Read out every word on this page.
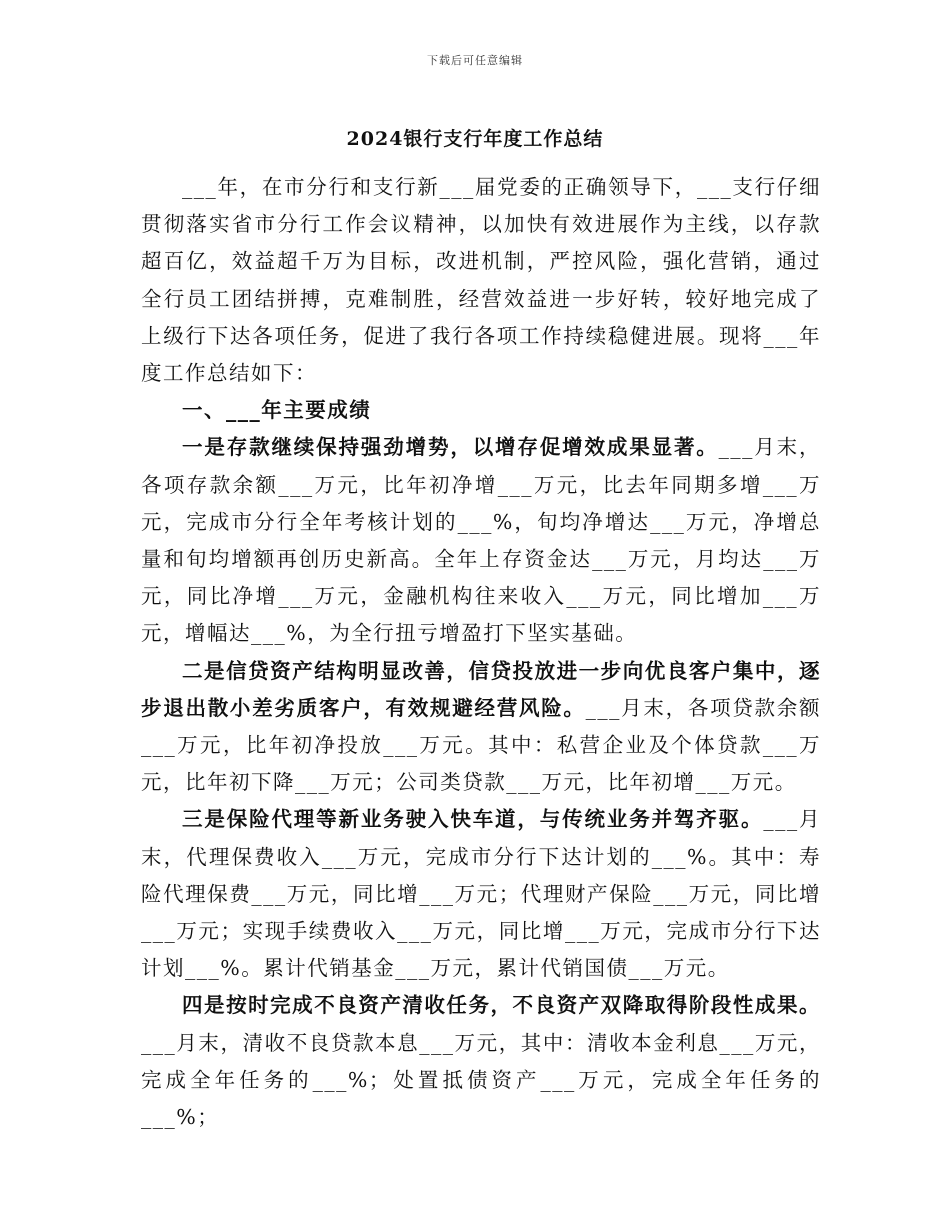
下载后可任意编辑
2024银行支行年度工作总结

___年，在市分行和支行新___届党委的正确领导下，___支行仔细贯彻落实省市分行工作会议精神，以加快有效进展作为主线，以存款超百亿，效益超千万为目标，改进机制，严控风险，强化营销，通过全行员工团结拼搏，克难制胜，经营效益进一步好转，较好地完成了上级行下达各项任务，促进了我行各项工作持续稳健进展。现将___年度工作总结如下：

一、___年主要成绩

一是存款继续保持强劲增势，以增存促增效成果显著。___月末，各项存款余额___万元，比年初净增___万元，比去年同期多增___万元，完成市分行全年考核计划的___%，旬均净增达___万元，净增总量和旬均增额再创历史新高。全年上存资金达___万元，月均达___万元，同比净增___万元，金融机构往来收入___万元，同比增加___万元，增幅达___%，为全行扭亏增盈打下坚实基础。

二是信贷资产结构明显改善，信贷投放进一步向优良客户集中，逐步退出散小差劣质客户，有效规避经营风险。___月末，各项贷款余额___万元，比年初净投放___万元。其中：私营企业及个体贷款___万元，比年初下降___万元；公司类贷款___万元，比年初增___万元。

三是保险代理等新业务驶入快车道，与传统业务并驾齐驱。___月末，代理保费收入___万元，完成市分行下达计划的___%。其中：寿险代理保费___万元，同比增___万元；代理财产保险___万元，同比增___万元；实现手续费收入___万元，同比增___万元，完成市分行下达计划___%。累计代销基金___万元，累计代销国债___万元。

四是按时完成不良资产清收任务，不良资产双降取得阶段性成果。___月末，清收不良贷款本息___万元，其中：清收本金利息___万元，完成全年任务的___%；处置抵债资产___万元，完成全年任务的___%；
